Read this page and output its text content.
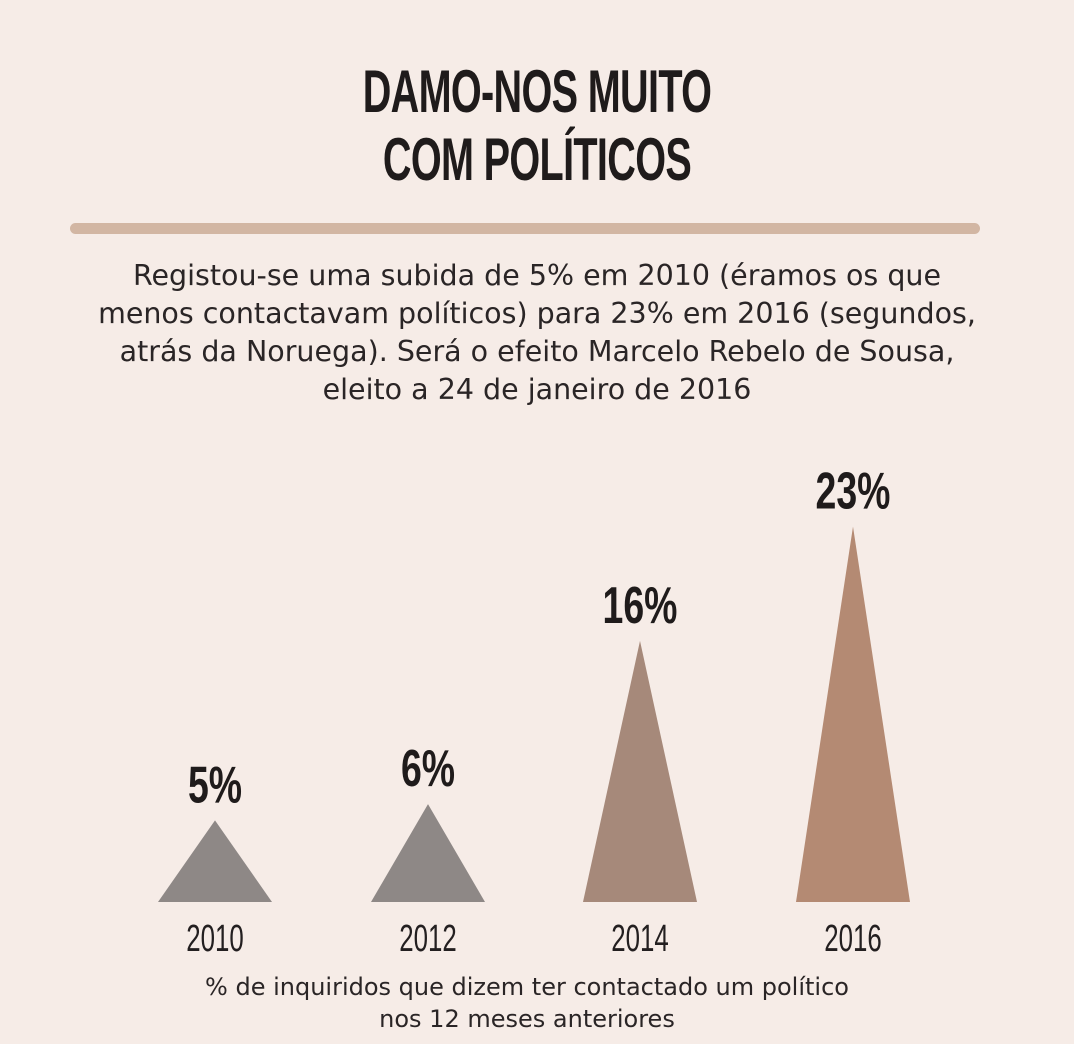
DAMO-NOS MUITO
COM POLÍTICOS
Registou-se uma subida de 5% em 2010 (éramos os que
menos contactavam políticos) para 23% em 2016 (segundos,
atrás da Noruega). Será o efeito Marcelo Rebelo de Sousa,
eleito a 24 de janeiro de 2016
5%
2010
6%
2012
16%
2014
23%
2016
% de inquiridos que dizem ter contactado um político
nos 12 meses anteriores
